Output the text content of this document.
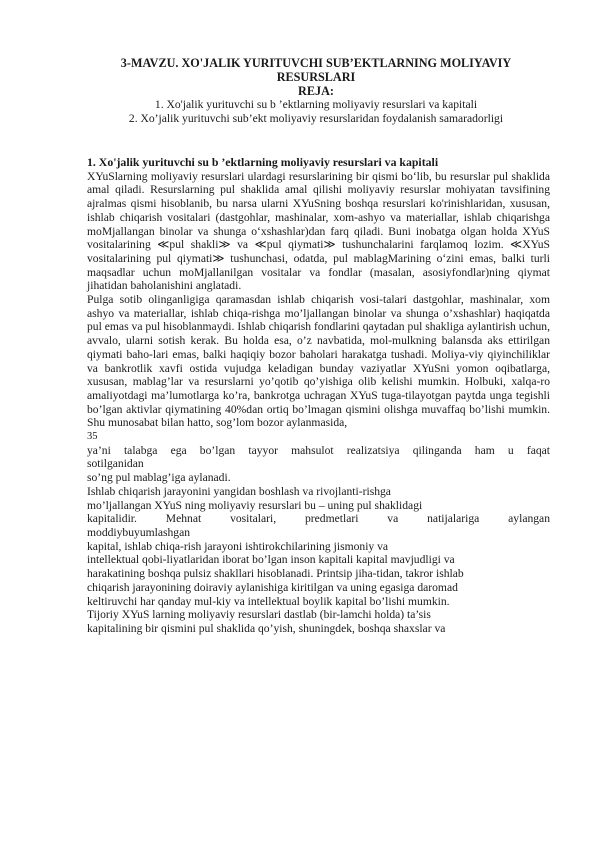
3-MAVZU. XO'JALIK YURITUVCHI SUB’EKTLARNING MOLIYAVIY RESURSLARI
REJA:
1. Xo'jalik yurituvchi su b ’ektlarning moliyaviy resurslari va kapitali
2. Xo’jalik yurituvchi sub’ekt moliyaviy resurslaridan foydalanish samaradorligi

1. Xo'jalik yurituvchi su b ’ektlarning moliyaviy resurslari va kapitali

XYuSlarning moliyaviy resurslari ulardagi resurslarining bir qismi bo‘lib, bu resurslar pul shaklida amal qiladi. Resurslarning pul shaklida amal qilishi moliyaviy resurslar mohiyatan tavsifining ajralmas qismi hisoblanib, bu narsa ularni XYuSning boshqa resurslari ko'rinishlaridan, xususan, ishlab chiqarish vositalari (dastgohlar, mashinalar, xom-ashyo va materiallar, ishlab chiqarishga moMjallangan binolar va shunga o‘xshashlar)dan farq qiladi. Buni inobatga olgan holda XYuS vositalarining ≪pul shakli≫ va ≪pul qiymati≫ tushunchalarini farqlamoq lozim. ≪XYuS vositalarining pul qiymati≫ tushunchasi, odatda, pul mablagMarining o‘zini emas, balki turli maqsadlar uchun moMjallanilgan vositalar va fondlar (masalan, asosiyfondlar)ning qiymat jihatidan baholanishini anglatadi.

Pulga sotib olinganligiga qaramasdan ishlab chiqarish vosi-talari dastgohlar, mashinalar, xom ashyo va materiallar, ishlab chiqa-rishga mo’ljallangan binolar va shunga o’xshashlar) haqiqatda pul emas va pul hisoblanmaydi. Ishlab chiqarish fondlarini qaytadan pul shakliga aylantirish uchun, avvalo, ularni sotish kerak. Bu holda esa, o’z navbatida, mol-mulkning balansda aks ettirilgan qiymati baho-lari emas, balki haqiqiy bozor baholari harakatga tushadi. Moliya-viy qiyinchiliklar va bankrotlik xavfi ostida vujudga keladigan bunday vaziyatlar XYuSni yomon oqibatlarga, xususan, mablag’lar va resurslarni yo’qotib qo’yishiga olib kelishi mumkin. Holbuki, xalqa-ro amaliyotdagi ma’lumotlarga ko’ra, bankrotga uchragan XYuS tuga-tilayotgan paytda unga tegishli bo’lgan aktivlar qiymatining 40%dan ortiq bo’lmagan qismini olishga muvaffaq bo’lishi mumkin. Shu munosabat bilan hatto, sog’lom bozor aylanmasida,

35

ya’ni talabga ega bo’lgan tayyor mahsulot realizatsiya qilinganda ham u faqat

sotilganidan

so’ng pul mablag’iga aylanadi.

Ishlab chiqarish jarayonini yangidan boshlash va rivojlanti-rishga

mo’ljallangan XYuS ning moliyaviy resurslari bu – uning pul shaklidagi

kapitalidir. Mehnat vositalari, predmetlari va natijalariga aylangan

moddiybuyumlashgan

kapital, ishlab chiqa-rish jarayoni ishtirokchilarining jismoniy va

intellektual qobi-liyatlaridan iborat bo’lgan inson kapitali kapital mavjudligi va

harakatining boshqa pulsiz shakllari hisoblanadi. Printsip jiha-tidan, takror ishlab

chiqarish jarayonining doiraviy aylanishiga kiritilgan va uning egasiga daromad

keltiruvchi har qanday mul-kiy va intellektual boylik kapital bo’lishi mumkin.

Tijoriy XYuS larning moliyaviy resurslari dastlab (bir-lamchi holda) ta’sis

kapitalining bir qismini pul shaklida qo’yish, shuningdek, boshqa shaxslar va
